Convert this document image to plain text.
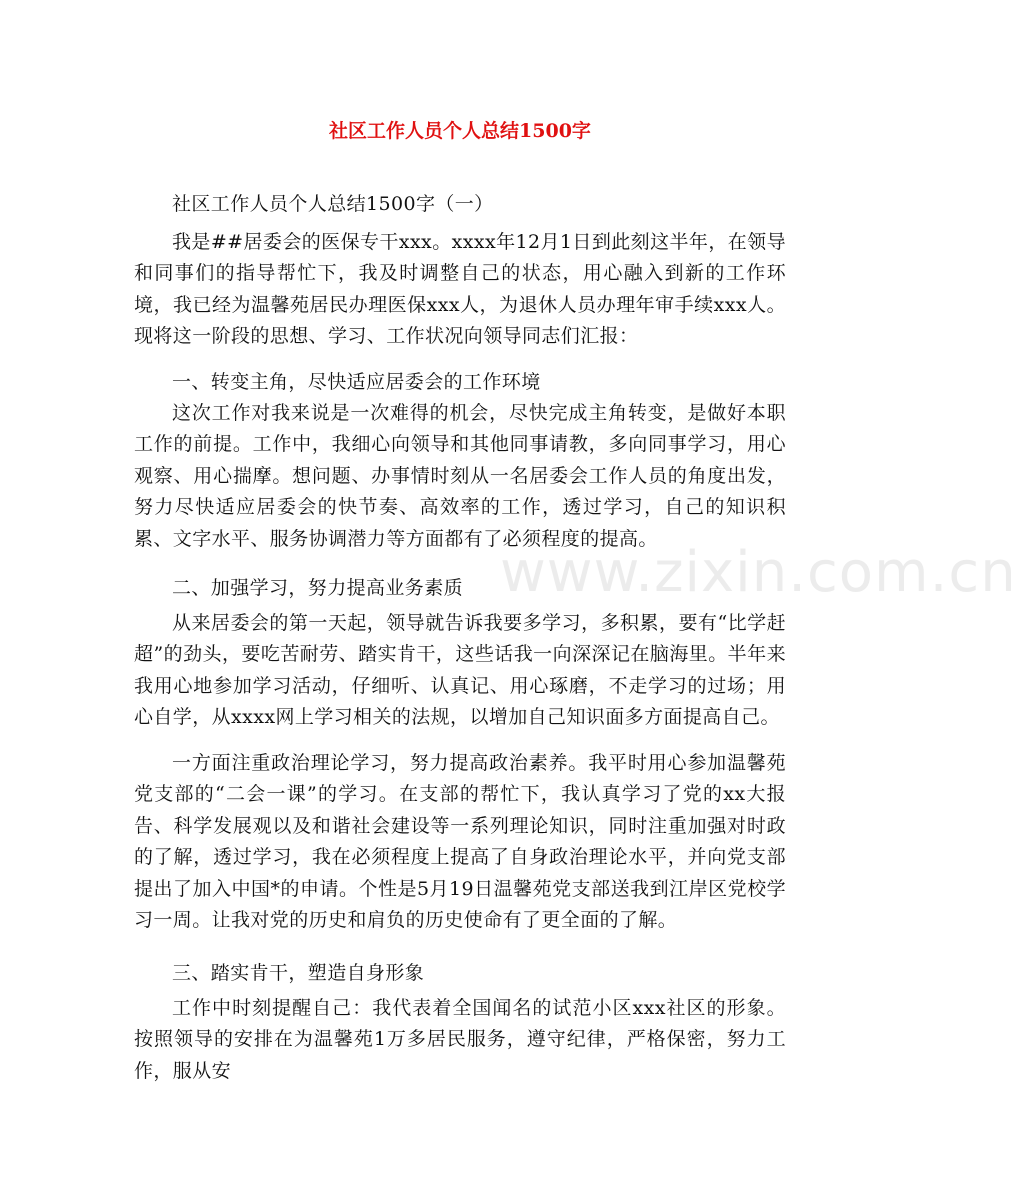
www.zixin.com.cn
社区工作人员个人总结1500字

社区工作人员个人总结1500字（一）

我是##居委会的医保专干xxx。xxxx年12月1日到此刻这半年，在领导和同事们的指导帮忙下，我及时调整自己的状态，用心融入到新的工作环境，我已经为温馨苑居民办理医保xxx人，为退休人员办理年审手续xxx人。现将这一阶段的思想、学习、工作状况向领导同志们汇报：

一、转变主角，尽快适应居委会的工作环境

这次工作对我来说是一次难得的机会，尽快完成主角转变，是做好本职工作的前提。工作中，我细心向领导和其他同事请教，多向同事学习，用心观察、用心揣摩。想问题、办事情时刻从一名居委会工作人员的角度出发，努力尽快适应居委会的快节奏、高效率的工作，透过学习，自己的知识积累、文字水平、服务协调潜力等方面都有了必须程度的提高。

二、加强学习，努力提高业务素质

从来居委会的第一天起，领导就告诉我要多学习，多积累，要有“比学赶超”的劲头，要吃苦耐劳、踏实肯干，这些话我一向深深记在脑海里。半年来我用心地参加学习活动，仔细听、认真记、用心琢磨，不走学习的过场；用心自学，从xxxx网上学习相关的法规，以增加自己知识面多方面提高自己。

一方面注重政治理论学习，努力提高政治素养。我平时用心参加温馨苑党支部的“二会一课”的学习。在支部的帮忙下，我认真学习了党的xx大报告、科学发展观以及和谐社会建设等一系列理论知识，同时注重加强对时政的了解，透过学习，我在必须程度上提高了自身政治理论水平，并向党支部提出了加入中国*的申请。个性是5月19日温馨苑党支部送我到江岸区党校学习一周。让我对党的历史和肩负的历史使命有了更全面的了解。

三、踏实肯干，塑造自身形象

工作中时刻提醒自己：我代表着全国闻名的试范小区xxx社区的形象。按照领导的安排在为温馨苑1万多居民服务，遵守纪律，严格保密，努力工作，服从安
